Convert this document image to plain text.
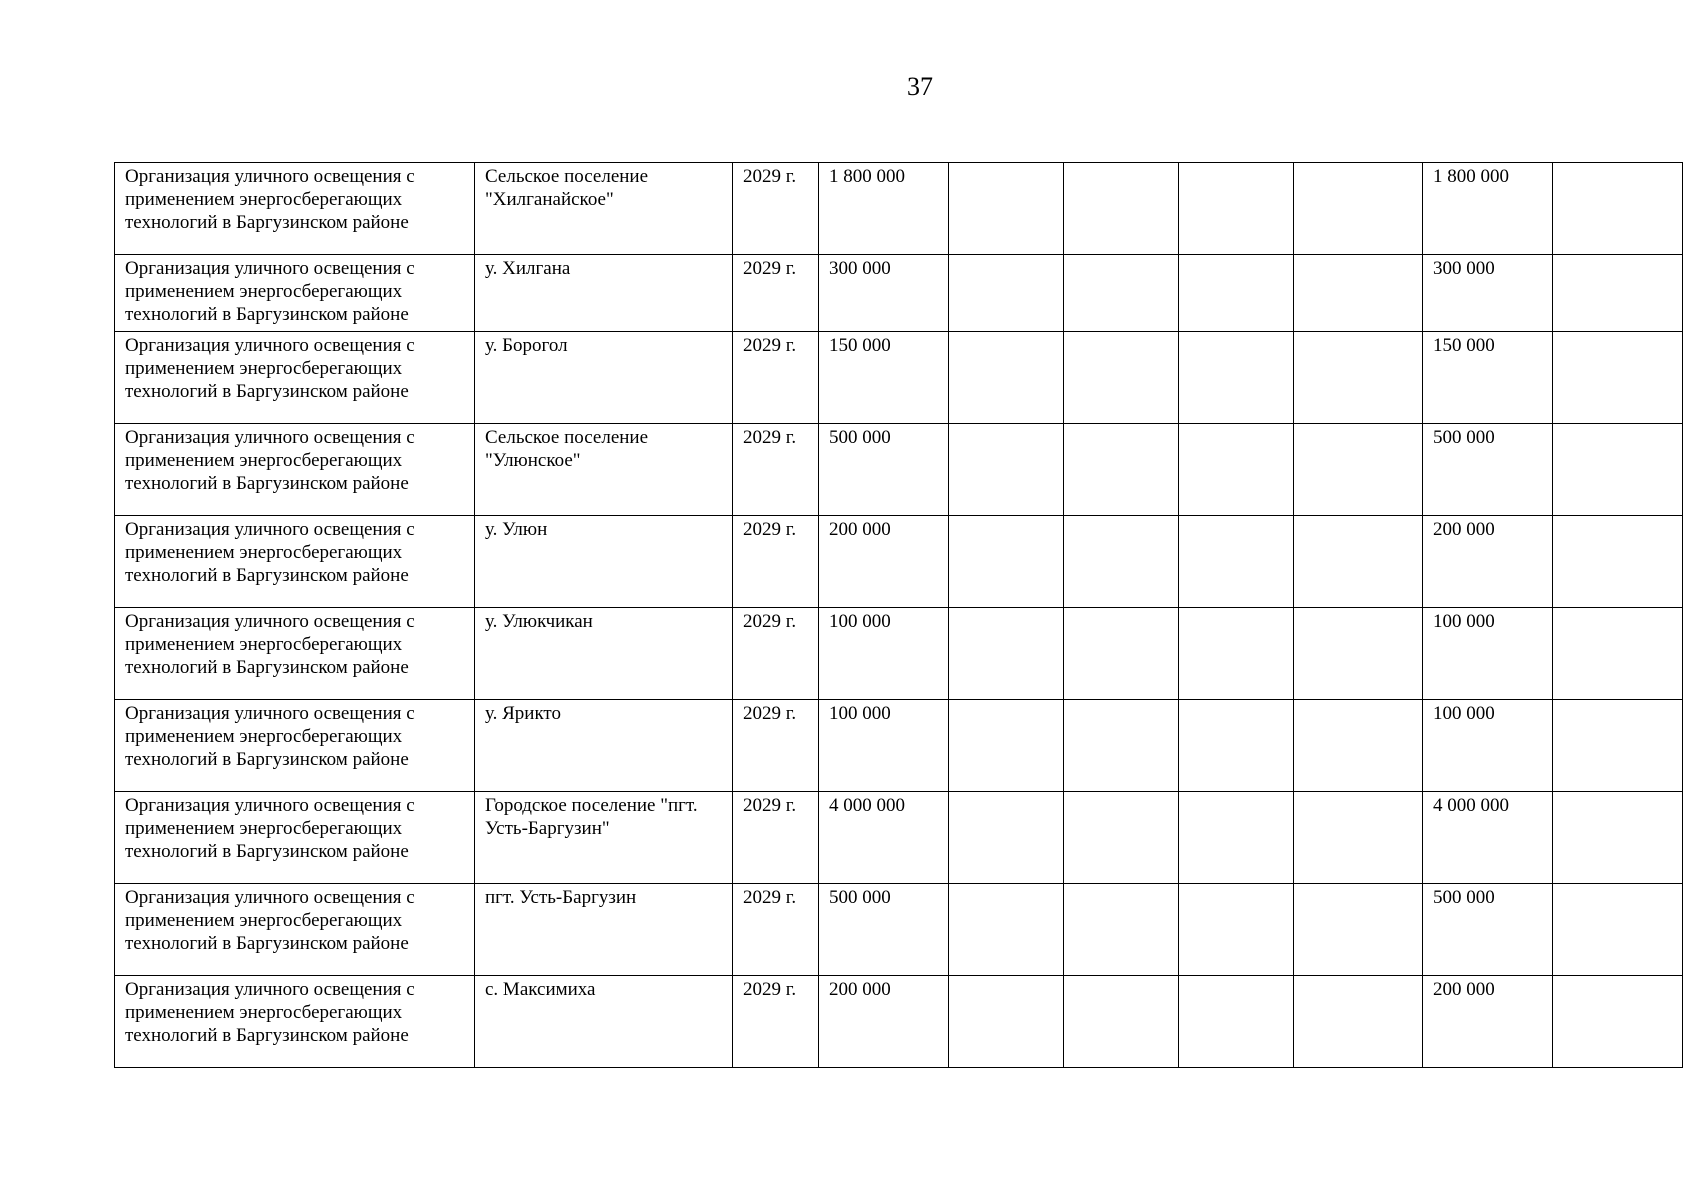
37
Организация уличного освещения с применением энергосберегающих технологий в Баргузинском районе	Сельское поселение "Хилганайское"	2029 г.	1 800 000					1 800 000	
Организация уличного освещения с применением энергосберегающих технологий в Баргузинском районе	у. Хилгана	2029 г.	300 000					300 000	
Организация уличного освещения с применением энергосберегающих технологий в Баргузинском районе	у. Борогол	2029 г.	150 000					150 000	
Организация уличного освещения с применением энергосберегающих технологий в Баргузинском районе	Сельское поселение "Улюнское"	2029 г.	500 000					500 000	
Организация уличного освещения с применением энергосберегающих технологий в Баргузинском районе	у. Улюн	2029 г.	200 000					200 000	
Организация уличного освещения с применением энергосберегающих технологий в Баргузинском районе	у. Улюкчикан	2029 г.	100 000					100 000	
Организация уличного освещения с применением энергосберегающих технологий в Баргузинском районе	у. Ярикто	2029 г.	100 000					100 000	
Организация уличного освещения с применением энергосберегающих технологий в Баргузинском районе	Городское поселение "пгт. Усть-Баргузин"	2029 г.	4 000 000					4 000 000	
Организация уличного освещения с применением энергосберегающих технологий в Баргузинском районе	пгт. Усть-Баргузин	2029 г.	500 000					500 000	
Организация уличного освещения с применением энергосберегающих технологий в Баргузинском районе	с. Максимиха	2029 г.	200 000					200 000	
